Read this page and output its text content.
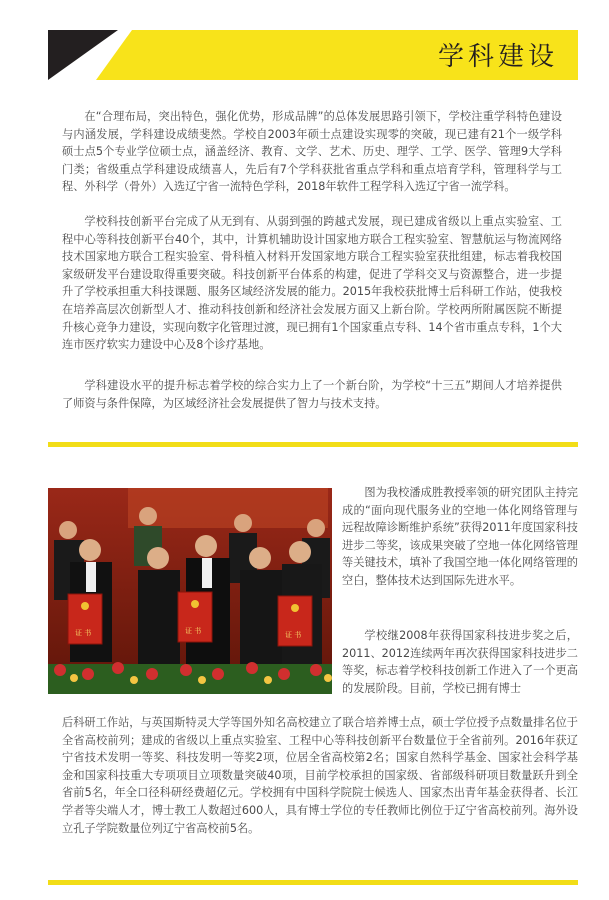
学科建设

在“合理布局，突出特色，强化优势，形成品牌”的总体发展思路引领下，学校注重学科特色建设与内涵发展，学科建设成绩斐然。学校自2003年硕士点建设实现零的突破，现已建有21个一级学科硕士点5个专业学位硕士点，涵盖经济、教育、文学、艺术、历史、理学、工学、医学、管理9大学科门类；省级重点学科建设成绩喜人，先后有7个学科获批省重点学科和重点培育学科，管理科学与工程、外科学（骨外）入选辽宁省一流特色学科，2018年软件工程学科入选辽宁省一流学科。

学校科技创新平台完成了从无到有、从弱到强的跨越式发展，现已建成省级以上重点实验室、工程中心等科技创新平台40个，其中，计算机辅助设计国家地方联合工程实验室、智慧航运与物流网络技术国家地方联合工程实验室、骨科植入材料开发国家地方联合工程实验室获批组建，标志着我校国家级研发平台建设取得重要突破。科技创新平台体系的构建，促进了学科交叉与资源整合，进一步提升了学校承担重大科技课题、服务区域经济发展的能力。2015年我校获批博士后科研工作站，使我校在培养高层次创新型人才、推动科技创新和经济社会发展方面又上新台阶。学校两所附属医院不断提升核心竞争力建设，实现向数字化管理过渡，现已拥有1个国家重点专科、14个省市重点专科，1个大连市医疗软实力建设中心及8个诊疗基地。

学科建设水平的提升标志着学校的综合实力上了一个新台阶，为学校“十三五”期间人才培养提供了师资与条件保障，为区域经济社会发展提供了智力与技术支持。

证 书	证 书	证 书

图为我校潘成胜教授率领的研究团队主持完成的“面向现代服务业的空地一体化网络管理与远程故障诊断维护系统”获得2011年度国家科技进步二等奖，该成果突破了空地一体化网络管理等关键技术，填补了我国空地一体化网络管理的空白，整体技术达到国际先进水平。

学校继2008年获得国家科技进步奖之后，2011、2012连续两年再次获得国家科技进步二等奖，标志着学校科技创新工作进入了一个更高的发展阶段。目前，学校已拥有博士

后科研工作站，与英国斯特灵大学等国外知名高校建立了联合培养博士点，硕士学位授予点数量排名位于全省高校前列；建成的省级以上重点实验室、工程中心等科技创新平台数量位于全省前列。2016年获辽宁省技术发明一等奖、科技发明一等奖2项，位居全省高校第2名；国家自然科学基金、国家社会科学基金和国家科技重大专项项目立项数量突破40项，目前学校承担的国家级、省部级科研项目数量跃升到全省前5名，年全口径科研经费超亿元。学校拥有中国科学院院士候选人、国家杰出青年基金获得者、长江学者等尖端人才，博士教工人数超过600人，具有博士学位的专任教师比例位于辽宁省高校前列。海外设立孔子学院数量位列辽宁省高校前5名。
